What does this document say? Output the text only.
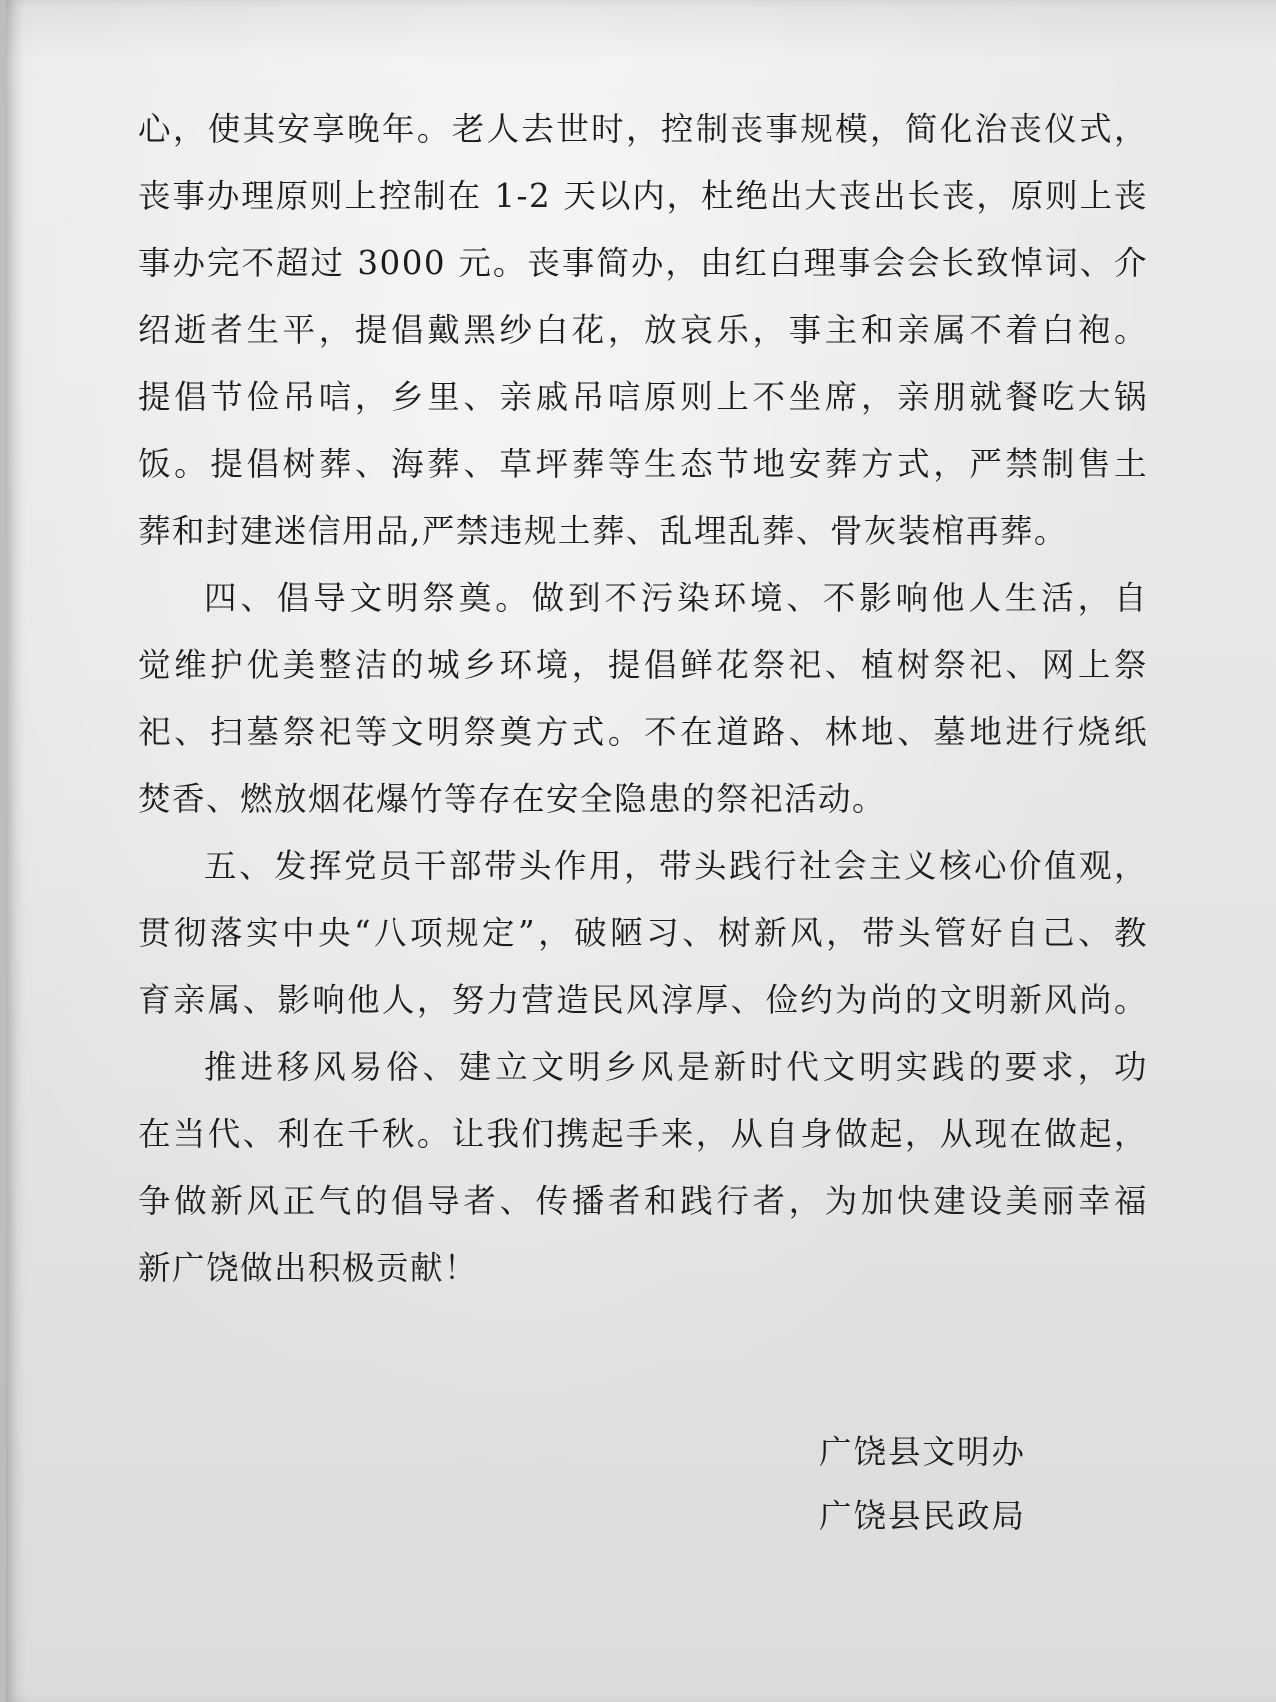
心，使其安享晚年。老人去世时，控制丧事规模，简化治丧仪式，
丧事办理原则上控制在 1-2 天以内，杜绝出大丧出长丧，原则上丧
事办完不超过 3000 元。丧事简办，由红白理事会会长致悼词、介
绍逝者生平，提倡戴黑纱白花，放哀乐，事主和亲属不着白袍。
提倡节俭吊唁，乡里、亲戚吊唁原则上不坐席，亲朋就餐吃大锅
饭。提倡树葬、海葬、草坪葬等生态节地安葬方式，严禁制售土
葬和封建迷信用品,严禁违规土葬、乱埋乱葬、骨灰装棺再葬。
四、倡导文明祭奠。做到不污染环境、不影响他人生活，自
觉维护优美整洁的城乡环境，提倡鲜花祭祀、植树祭祀、网上祭
祀、扫墓祭祀等文明祭奠方式。不在道路、林地、墓地进行烧纸
焚香、燃放烟花爆竹等存在安全隐患的祭祀活动。
五、发挥党员干部带头作用，带头践行社会主义核心价值观，
贯彻落实中央“八项规定”，破陋习、树新风，带头管好自己、教
育亲属、影响他人，努力营造民风淳厚、俭约为尚的文明新风尚。
推进移风易俗、建立文明乡风是新时代文明实践的要求，功
在当代、利在千秋。让我们携起手来，从自身做起，从现在做起，
争做新风正气的倡导者、传播者和践行者，为加快建设美丽幸福
新广饶做出积极贡献！
广饶县文明办
广饶县民政局
